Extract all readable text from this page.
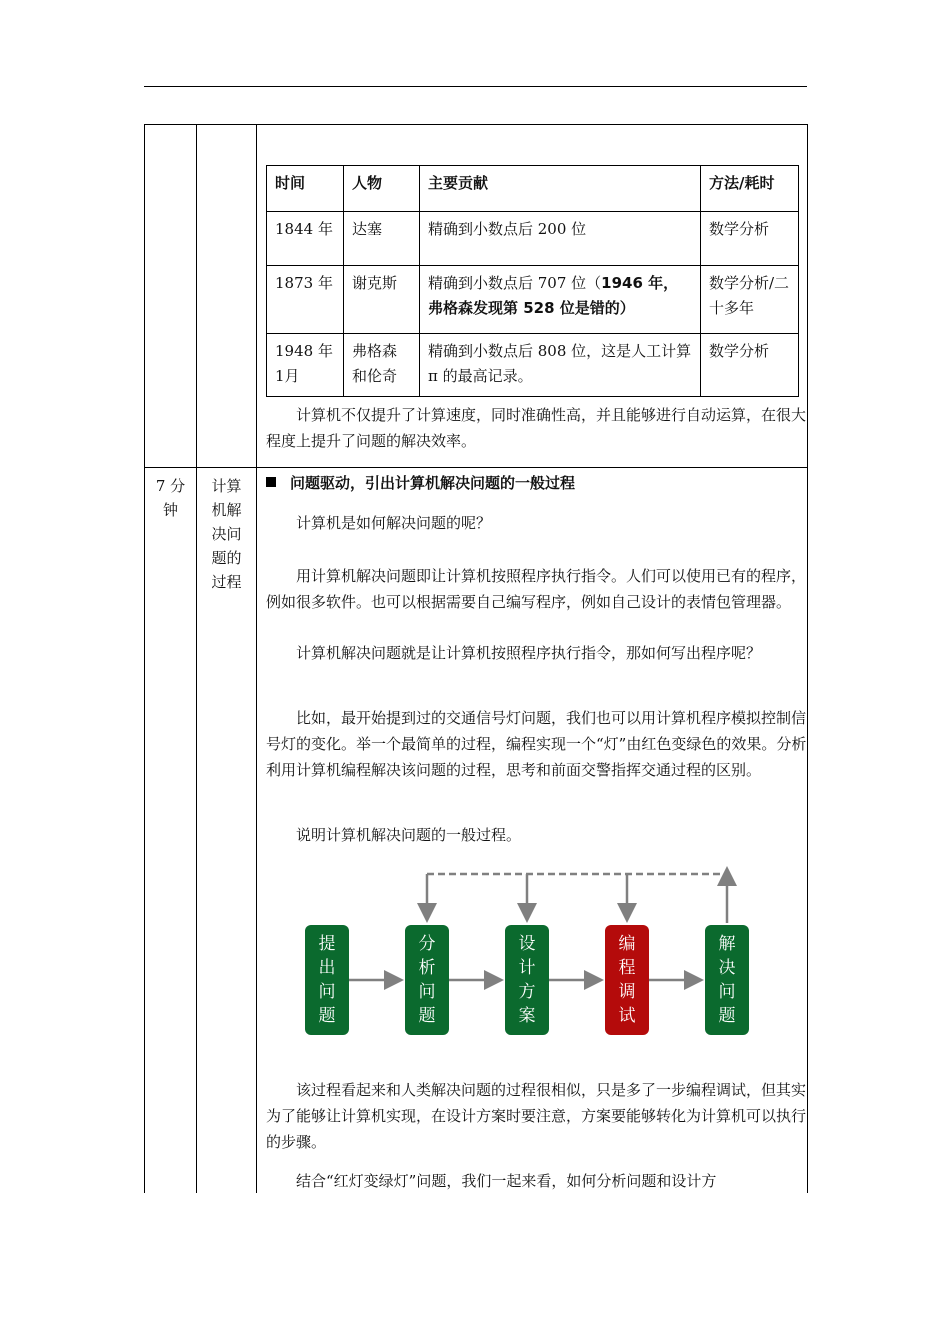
时间	人物	主要贡献	方法/耗时
1844 年	达塞	精确到小数点后 200 位	数学分析
1873 年	谢克斯	精确到小数点后 707 位（1946 年，弗格森发现第 528 位是错的）	数学分析/二十多年
1948 年 1月	弗格森和伦奇	精确到小数点后 808 位，这是人工计算 π 的最高记录。	数学分析

计算机不仅提升了计算速度，同时准确性高，并且能够进行自动运算，在很大程度上提升了问题的解决效率。

7 分钟

计算机解决问题的过程

问题驱动，引出计算机解决问题的一般过程

计算机是如何解决问题的呢？

用计算机解决问题即让计算机按照程序执行指令。人们可以使用已有的程序，例如很多软件。也可以根据需要自己编写程序，例如自己设计的表情包管理器。

计算机解决问题就是让计算机按照程序执行指令，那如何写出程序呢？

比如，最开始提到过的交通信号灯问题，我们也可以用计算机程序模拟控制信号灯的变化。举一个最简单的过程，编程实现一个“灯”由红色变绿色的效果。分析利用计算机编程解决该问题的过程，思考和前面交警指挥交通过程的区别。

说明计算机解决问题的一般过程。

提
出
问
题
分
析
问
题
设
计
方
案
编
程
调
试
解
决
问
题

该过程看起来和人类解决问题的过程很相似，只是多了一步编程调试，但其实为了能够让计算机实现，在设计方案时要注意，方案要能够转化为计算机可以执行的步骤。

结合“红灯变绿灯”问题，我们一起来看，如何分析问题和设计方
